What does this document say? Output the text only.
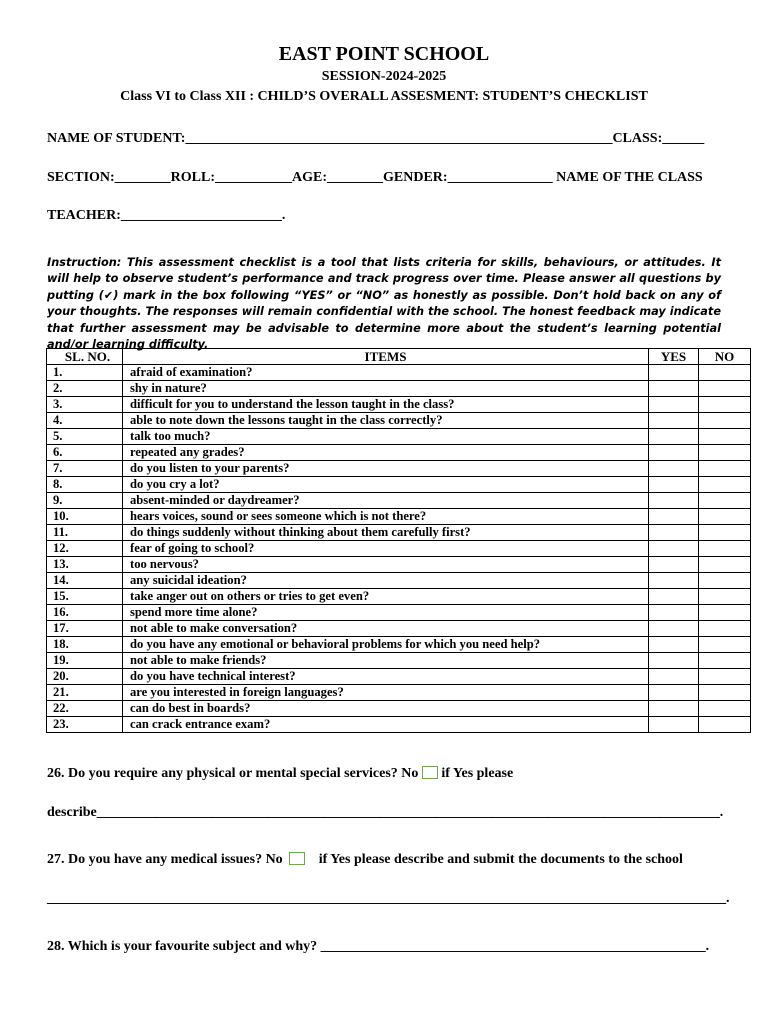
EAST POINT SCHOOL
SESSION-2024-2025
Class VI to Class XII : CHILD’S OVERALL ASSESMENT: STUDENT’S CHECKLIST
NAME OF STUDENT:_____________________________________________________________CLASS:______
SECTION:________ROLL:___________AGE:________GENDER:_______________ NAME OF THE CLASS
TEACHER:_______________________.
Instruction: This assessment checklist is a tool that lists criteria for skills, behaviours, or attitudes. It will help to observe student’s performance and track progress over time. Please answer all questions by putting (✔) mark in the box following “YES” or “NO” as honestly as possible. Don’t hold back on any of your thoughts. The responses will remain confidential with the school. The honest feedback may indicate that further assessment may be advisable to determine more about the student’s learning potential and/or learning difficulty.
SL. NO.	ITEMS	YES	NO
1.	afraid of examination?		
2.	shy in nature?		
3.	difficult for you to understand the lesson taught in the class?		
4.	able to note down the lessons taught in the class correctly?		
5.	talk too much?		
6.	repeated any grades?		
7.	do you listen to your parents?		
8.	do you cry a lot?		
9.	absent-minded or daydreamer?		
10.	hears voices, sound or sees someone which is not there?		
11.	do things suddenly without thinking about them carefully first?		
12.	fear of going to school?		
13.	too nervous?		
14.	any suicidal ideation?		
15.	take anger out on others or tries to get even?		
16.	spend more time alone?		
17.	not able to make conversation?		
18.	do you have any emotional or behavioral problems for which you need help?		
19.	not able to make friends?		
20.	do you have technical interest?		
21.	are you interested in foreign languages?		
22.	can do best in boards?		
23.	can crack entrance exam?		
26. Do you require any physical or mental special services? No if Yes please
describe_________________________________________________________________________________________.
27. Do you have any medical issues? No	if Yes please describe and submit the documents to the school
_________________________________________________________________________________________________.
28. Which is your favourite subject and why? _______________________________________________________.
